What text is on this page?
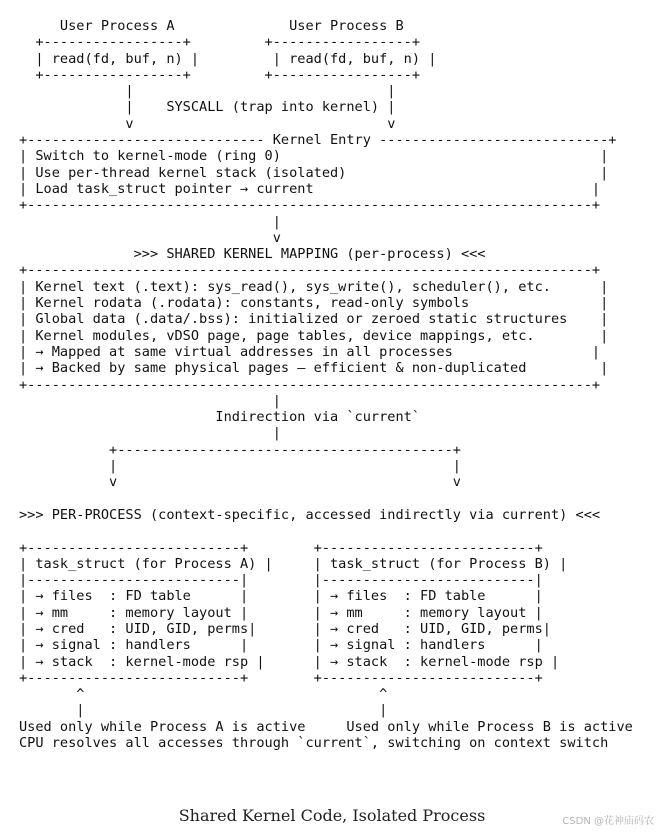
User Process A              User Process B
+-----------------+         +-----------------+
| read(fd, buf, n) |         | read(fd, buf, n) |
+-----------------+         +-----------------+
|                               |
|    SYSCALL (trap into kernel) |
v                               v
+----------------------------- Kernel Entry ----------------------------+
| Switch to kernel-mode (ring 0)                                       |
| Use per-thread kernel stack (isolated)                               |
| Load task_struct pointer → current                                  |
+---------------------------------------------------------------------+
|
v
>>> SHARED KERNEL MAPPING (per-process) <<<
+---------------------------------------------------------------------+
| Kernel text (.text): sys_read(), sys_write(), scheduler(), etc.      |
| Kernel rodata (.rodata): constants, read-only symbols                |
| Global data (.data/.bss): initialized or zeroed static structures    |
| Kernel modules, vDSO page, page tables, device mappings, etc.        |
| → Mapped at same virtual addresses in all processes                 |
| → Backed by same physical pages — efficient & non-duplicated         |
+---------------------------------------------------------------------+
|
Indirection via `current`
|
+-----------------------------------------+
|                                         |
v                                         v

>>> PER-PROCESS (context-specific, accessed indirectly via current) <<<

+--------------------------+        +--------------------------+
| task_struct (for Process A) |     | task_struct (for Process B) |
|--------------------------|        |--------------------------|
| → files  : FD table      |        | → files  : FD table      |
| → mm     : memory layout |        | → mm     : memory layout |
| → cred   : UID, GID, perms|       | → cred   : UID, GID, perms|
| → signal : handlers      |        | → signal : handlers      |
| → stack  : kernel-mode rsp |      | → stack  : kernel-mode rsp |
+--------------------------+        +--------------------------+
^                                    ^
|                                    |
Used only while Process A is active     Used only while Process B is active
CPU resolves all accesses through `current`, switching on context switch
Shared Kernel Code, Isolated Process	CSDN @花神庙码农
